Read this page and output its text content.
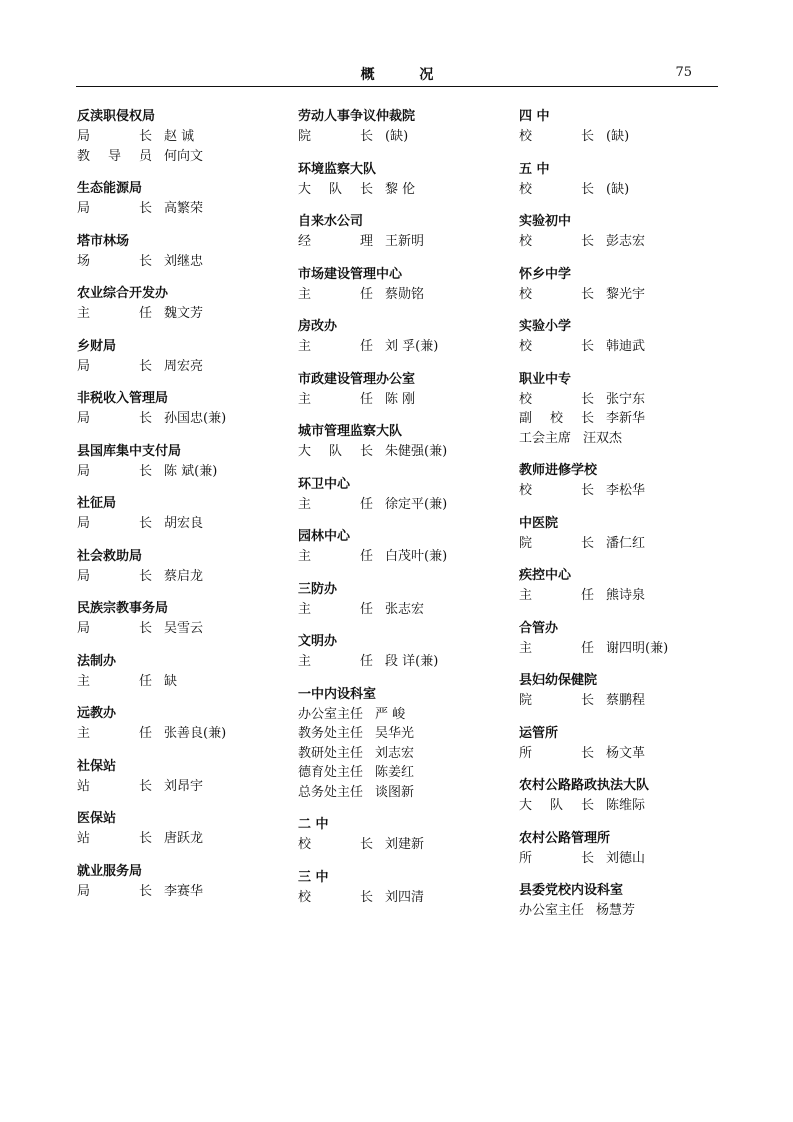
概 况	75
反渎职侵权局
局 长 赵 诚
教导员 何向文
生态能源局
局 长 高繁荣
塔市林场
场 长 刘继忠
农业综合开发办
主 任 魏文芳
乡财局
局 长 周宏亮
非税收入管理局
局 长 孙国忠(兼)
县国库集中支付局
局 长 陈 斌(兼)
社征局
局 长 胡宏良
社会救助局
局 长 蔡启龙
民族宗教事务局
局 长 吴雪云
法制办
主 任 缺
远教办
主 任 张善良(兼)
社保站
站 长 刘昂宇
医保站
站 长 唐跃龙
就业服务局
局 长 李赛华
劳动人事争议仲裁院
院 长 (缺)
环境监察大队
大队长 黎 伦
自来水公司
经 理 王新明
市场建设管理中心
主 任 蔡勋铭
房改办
主 任 刘 孚(兼)
市政建设管理办公室
主 任 陈 刚
城市管理监察大队
大队长 朱健强(兼)
环卫中心
主 任 徐定平(兼)
园林中心
主 任 白茂叶(兼)
三防办
主 任 张志宏
文明办
主 任 段 详(兼)
一中内设科室
办公室主任 严 峻
教务处主任 吴华光
教研处主任 刘志宏
德育处主任 陈姜红
总务处主任 谈图新
二 中
校 长 刘建新
三 中
校 长 刘四清
四 中
校 长 (缺)
五 中
校 长 (缺)
实验初中
校 长 彭志宏
怀乡中学
校 长 黎光宇
实验小学
校 长 韩迪武
职业中专
校 长 张宁东
副校长 李新华
工会主席 汪双杰
教师进修学校
校 长 李松华
中医院
院 长 潘仁红
疾控中心
主 任 熊诗泉
合管办
主 任 谢四明(兼)
县妇幼保健院
院 长 蔡鹏程
运管所
所 长 杨文革
农村公路路政执法大队
大队长 陈维际
农村公路管理所
所 长 刘德山
县委党校内设科室
办公室主任 杨慧芳
